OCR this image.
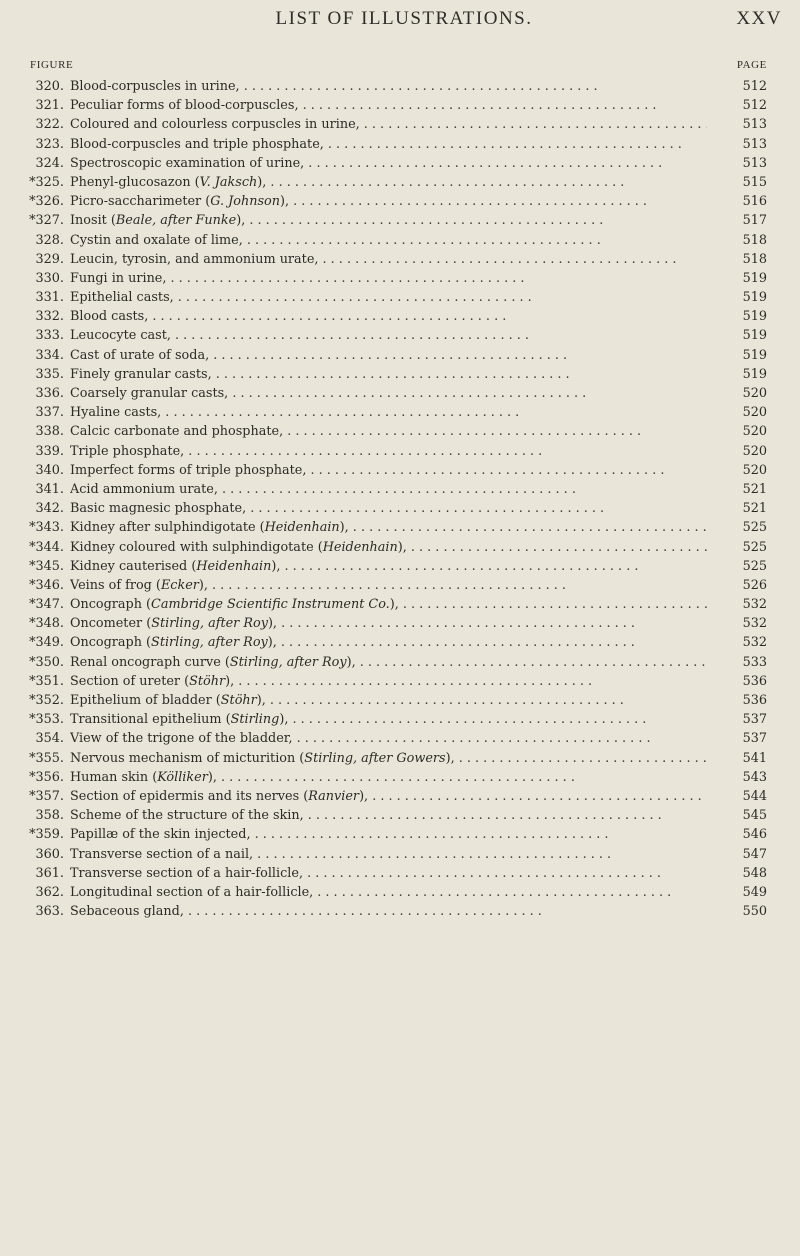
LIST OF ILLUSTRATIONS.	XXV
FIGURE	PAGE
320. Blood-corpuscles in urine, . .	512
321. Peculiar forms of blood-corpuscles, . .	512
322. Coloured and colourless corpuscles in urine, . .	513
323. Blood-corpuscles and triple phosphate, . .	513
324. Spectroscopic examination of urine, . .	513
*325. Phenyl-glucosazon (V. Jaksch), . .	515
*326. Picro-saccharimeter (G. Johnson), . .	516
*327. Inosit (Beale, after Funke), . .	517
328. Cystin and oxalate of lime, . .	518
329. Leucin, tyrosin, and ammonium urate, . .	518
330. Fungi in urine, . .	519
331. Epithelial casts, . .	519
332. Blood casts, . .	519
333. Leucocyte cast, . .	519
334. Cast of urate of soda, . .	519
335. Finely granular casts, . .	519
336. Coarsely granular casts, . .	520
337. Hyaline casts, . .	520
338. Calcic carbonate and phosphate, . .	520
339. Triple phosphate, . .	520
340. Imperfect forms of triple phosphate, . .	520
341. Acid ammonium urate, . .	521
342. Basic magnesic phosphate, . .	521
*343. Kidney after sulphindigotate (Heidenhain), . .	525
*344. Kidney coloured with sulphindigotate (Heidenhain), . .	525
*345. Kidney cauterised (Heidenhain), . .	525
*346. Veins of frog (Ecker), . .	526
*347. Oncograph (Cambridge Scientific Instrument Co.), . .	532
*348. Oncometer (Stirling, after Roy), . .	532
*349. Oncograph (Stirling, after Roy), . .	532
*350. Renal oncograph curve (Stirling, after Roy), . .	533
*351. Section of ureter (Stöhr), . .	536
*352. Epithelium of bladder (Stöhr), . .	536
*353. Transitional epithelium (Stirling), . .	537
354. View of the trigone of the bladder, . .	537
*355. Nervous mechanism of micturition (Stirling, after Gowers), . .	541
*356. Human skin (Kölliker), . .	543
*357. Section of epidermis and its nerves (Ranvier), . .	544
358. Scheme of the structure of the skin, . .	545
*359. Papillæ of the skin injected, . .	546
360. Transverse section of a nail, . .	547
361. Transverse section of a hair-follicle, . .	548
362. Longitudinal section of a hair-follicle, . .	549
363. Sebaceous gland, . .	550
